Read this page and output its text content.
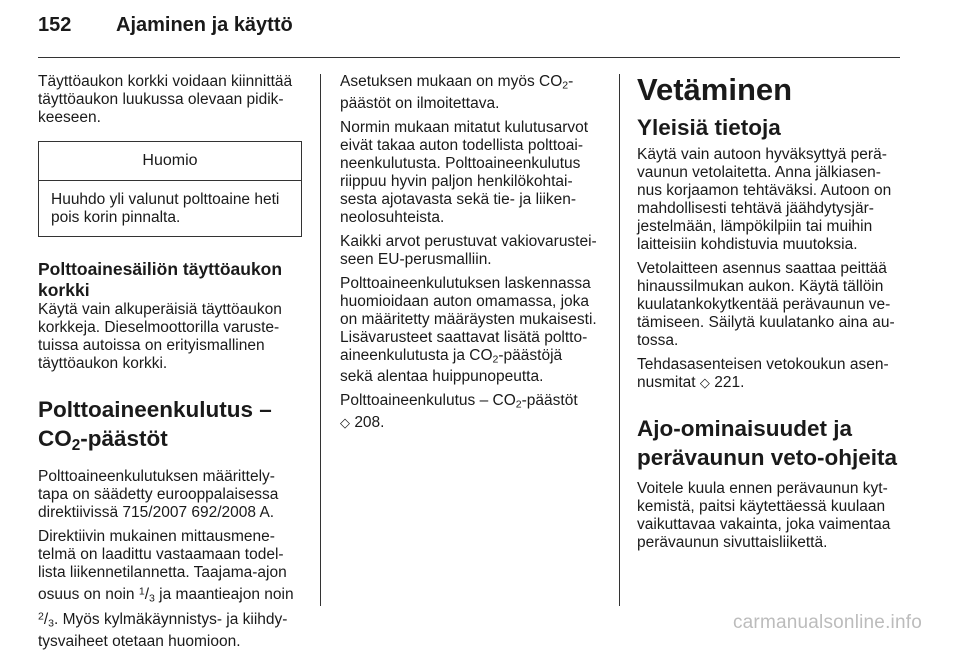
152 Ajaminen ja käyttö

Täyttöaukon korkki voidaan kiinnittää
täyttöaukon luukussa olevaan pidik-
keeseen.

Huomio
Huuhdo yli valunut polttoaine heti
pois korin pinnalta.
Polttoainesäiliön täyttöaukon
korkki

Käytä vain alkuperäisiä täyttöaukon
korkkeja. Dieselmoottorilla varuste-
tuissa autoissa on erityismallinen
täyttöaukon korkki.

Polttoaineenkulutus –
$CO_2$-päästöt

Polttoaineenkulutuksen määrittely-
tapa on säädetty eurooppalaisessa
direktiivissä 715/2007 692/2008 A.

Direktiivin mukainen mittausmene-
telmä on laadittu vastaamaan todel-
lista liikennetilannetta. Taajama-ajon
osuus on noin $^1/_3$ ja maantieajon noin
$^2/_3$. Myös kylmäkäynnistys- ja kiihdy-
tysvaiheet otetaan huomioon.

Asetuksen mukaan on myös $CO_2-$
päästöt on ilmoitettava.

Normin mukaan mitatut kulutusarvot
eivät takaa auton todellista polttoai-
neenkulutusta. Polttoaineenkulutus
riippuu hyvin paljon henkilökohtai-
sesta ajotavasta sekä tie- ja liiken-
neolosuhteista.

Kaikki arvot perustuvat vakiovarustei-
seen EU-perusmalliin.

Polttoaineenkulutuksen laskennassa
huomioidaan auton omamassa, joka
on määritetty määräysten mukaisesti.
Lisävarusteet saattavat lisätä poltto-
aineenkulutusta ja $CO_2$-päästöjä
sekä alentaa huippunopeutta.

Polttoaineenkulutus – $CO_2$-päästöt
◇ 208.

Vetäminen
Yleisiä tietoja

Käytä vain autoon hyväksyttyä perä-
vaunun vetolaitetta. Anna jälkiasen-
nus korjaamon tehtäväksi. Autoon on
mahdollisesti tehtävä jäähdytysjär-
jestelmään, lämpökilpiin tai muihin
laitteisiin kohdistuvia muutoksia.

Vetolaitteen asennus saattaa peittää
hinaussilmukan aukon. Käytä tällöin
kuulatankokytkentää perävaunun ve-
tämiseen. Säilytä kuulatanko aina au-
tossa.

Tehdasasenteisen vetokoukun asen-
nusmitat ◇ 221.

Ajo-ominaisuudet ja
perävaunun veto-ohjeita

Voitele kuula ennen perävaunun kyt-
kemistä, paitsi käytettäessä kuulaan
vaikuttavaa vakainta, joka vaimentaa
perävaunun sivuttaisliikettä.

carmanualsonline.info
